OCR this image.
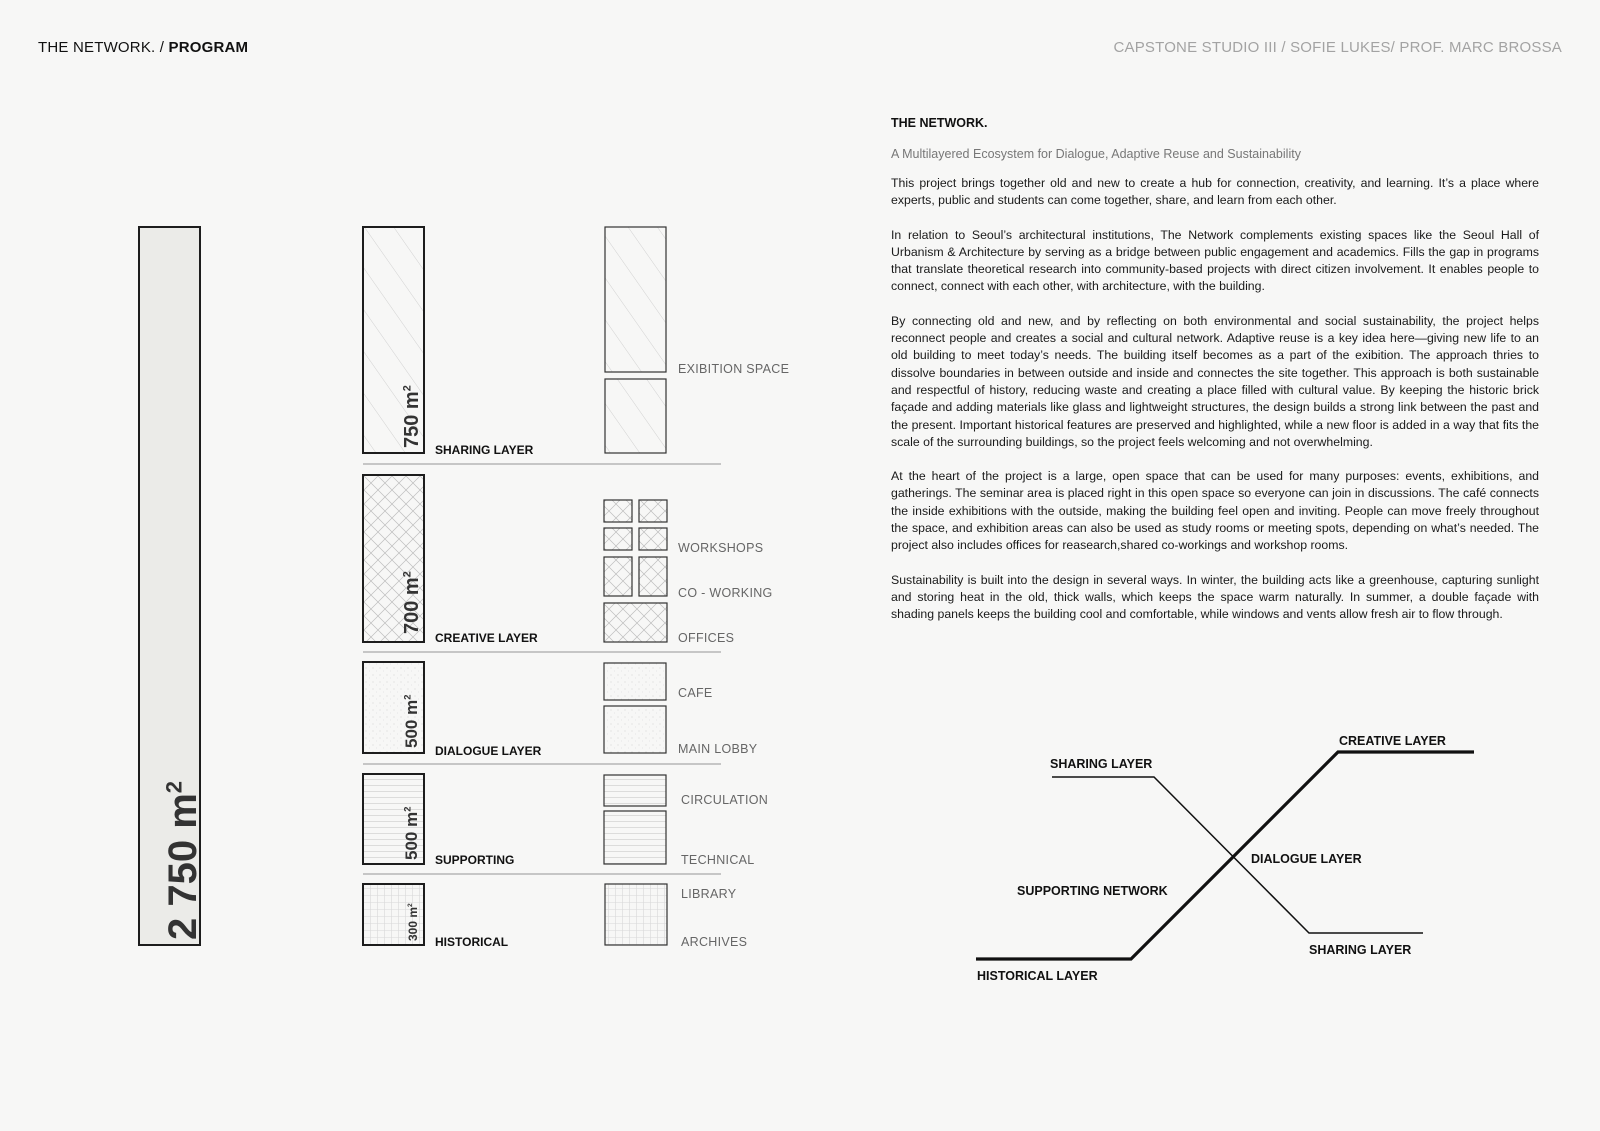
THE NETWORK. / PROGRAM	CAPSTONE STUDIO III / SOFIE LUKES/ PROF. MARC BROSSA
2 750 $m^2$
750 $m^2$
700 $m^2$
500 $m^2$
500 $m^2$
300 $m^2$
SHARING LAYER
CREATIVE LAYER
DIALOGUE LAYER
SUPPORTING
HISTORICAL
EXIBITION SPACE
WORKSHOPS
CO - WORKING
OFFICES
CAFE
MAIN LOBBY
CIRCULATION
TECHNICAL
LIBRARY
ARCHIVES
THE NETWORK.
A Multilayered Ecosystem for Dialogue, Adaptive Reuse and Sustainability

This project brings together old and new to create a hub for connection, creativity, and learning. It’s a place where experts, public and students can come together, share, and learn from each other.

In relation to Seoul’s architectural institutions, The Network complements existing spaces like the Seoul Hall of Urbanism & Architecture by serving as a bridge between public engagement and academics. Fills the gap in programs that translate theoretical research into community-based projects with direct citizen involvement. It enables people to connect, connect with each other, with architecture, with the building.

By connecting old and new, and by reflecting on both environmental and social sustainability, the project helps reconnect people and creates a social and cultural network. Adaptive reuse is a key idea here—giving new life to an old building to meet today’s needs. The building itself becomes as a part of the exibition. The approach thries to dissolve boundaries in between outside and inside and connectes the site together. This approach is both sustainable and respectful of history, reducing waste and creating a place filled with cultural value. By keeping the historic brick façade and adding materials like glass and lightweight structures, the design builds a strong link between the past and the present. Important historical features are preserved and highlighted, while a new floor is added in a way that fits the scale of the surrounding buildings, so the project feels welcoming and not overwhelming.

At the heart of the project is a large, open space that can be used for many purposes: events, exhibitions, and gatherings. The seminar area is placed right in this open space so everyone can join in discussions. The café connects the inside exhibitions with the outside, making the building feel open and inviting. People can move freely throughout the space, and exhibition areas can also be used as study rooms or meeting spots, depending on what’s needed. The project also includes offices for reasearch,shared co-workings and workshop rooms.

Sustainability is built into the design in several ways. In winter, the building acts like a greenhouse, capturing sunlight and storing heat in the old, thick walls, which keeps the space warm naturally. In summer, a double façade with shading panels keeps the building cool and comfortable, while windows and vents allow fresh air to flow through.

SHARING LAYER
CREATIVE LAYER
DIALOGUE LAYER
SUPPORTING NETWORK
SHARING LAYER
HISTORICAL LAYER
